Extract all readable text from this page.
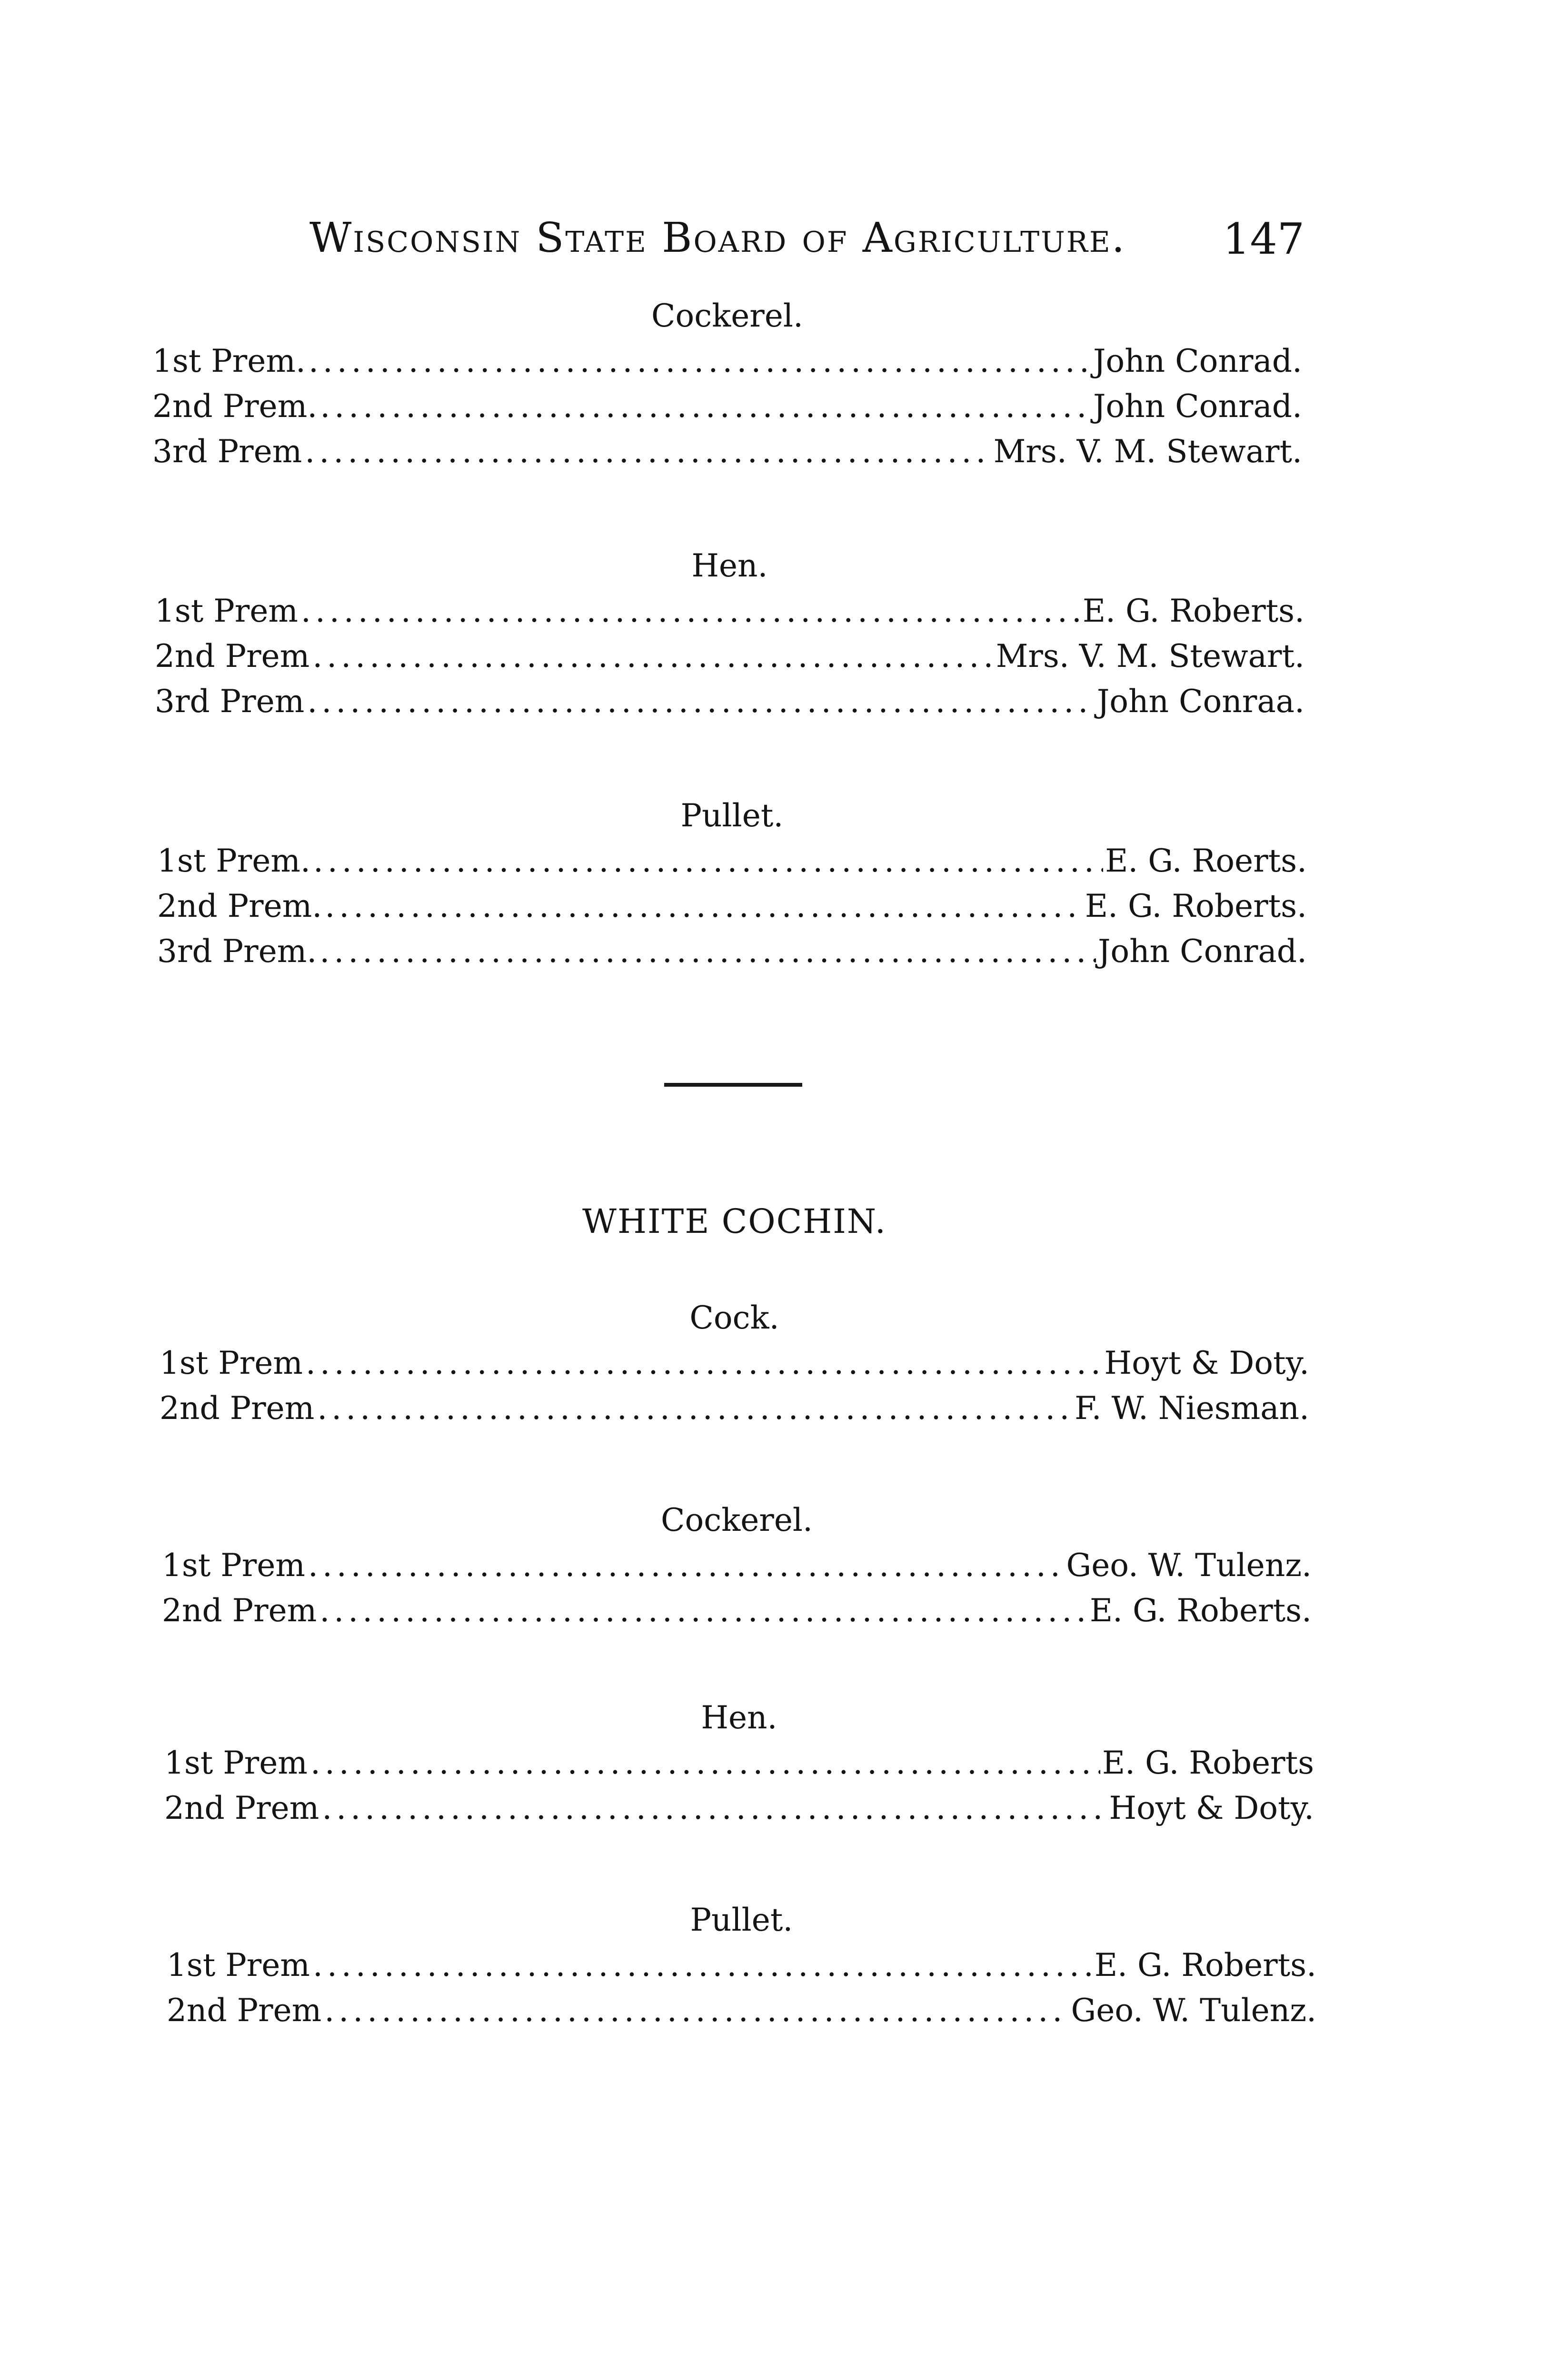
Wisconsin State Board of Agriculture. 147
Cockerel.
1st Prem. .....	John Conrad.
2nd Prem. .....	John Conrad.
3rd Prem .....	Mrs. V. M. Stewart.
Hen.
1st Prem .....	E. G. Roberts.
2nd Prem .....	Mrs. V. M. Stewart.
3rd Prem .....	John Conraa.
Pullet.
1st Prem. .....	E. G. Roerts.
2nd Prem. .....	E. G. Roberts.
3rd Prem. .....	John Conrad.
WHITE COCHIN.
Cock.
1st Prem .....	Hoyt & Doty.
2nd Prem .....	F. W. Niesman.
Cockerel.
1st Prem .....	Geo. W. Tulenz.
2nd Prem .....	E. G. Roberts.
Hen.
1st Prem .....	E. G. Roberts
2nd Prem .....	Hoyt & Doty.
Pullet.
1st Prem .....	E. G. Roberts.
2nd Prem .....	Geo. W. Tulenz.
